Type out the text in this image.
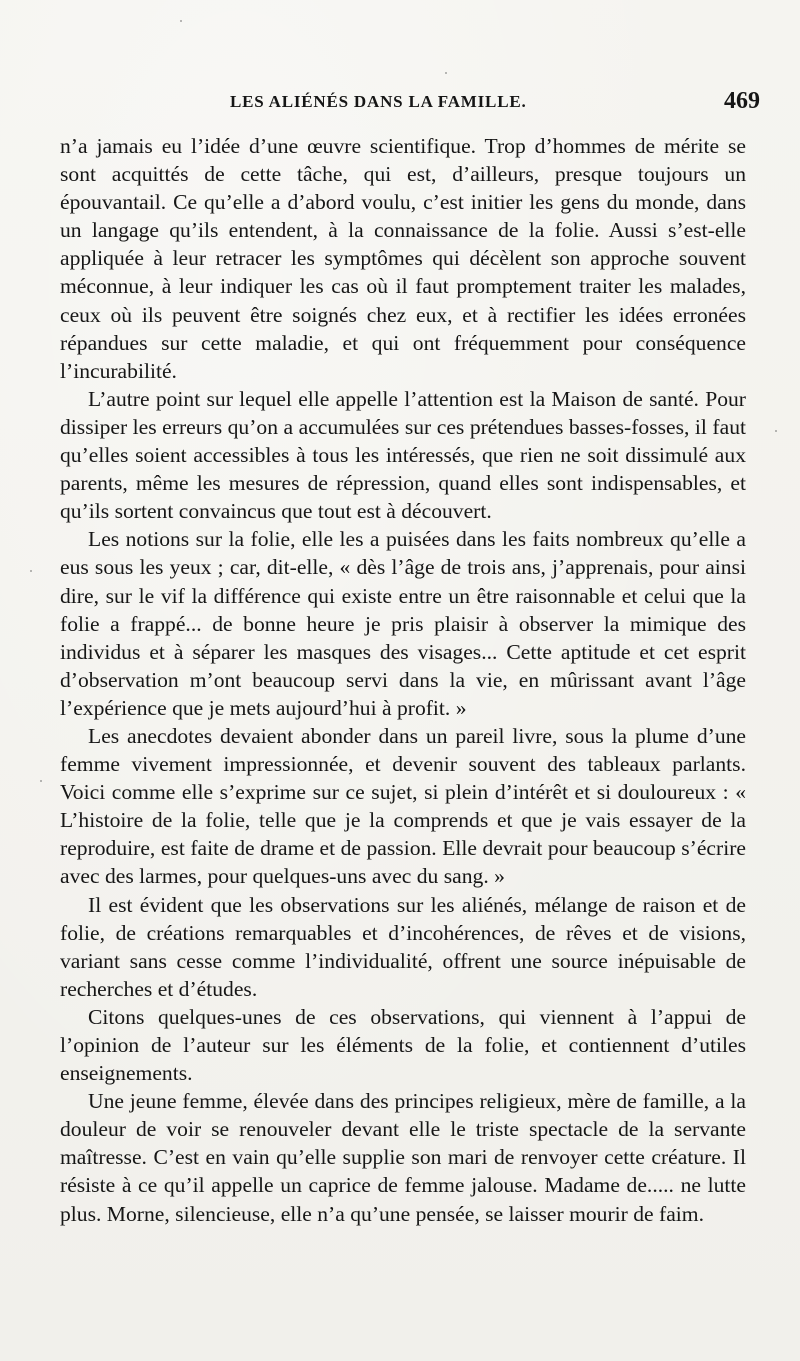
LES ALIÉNÉS DANS LA FAMILLE.	469

n’a jamais eu l’idée d’une œuvre scientifique. Trop d’hommes de mérite se sont acquittés de cette tâche, qui est, d’ailleurs, presque toujours un épouvantail. Ce qu’elle a d’abord voulu, c’est initier les gens du monde, dans un langage qu’ils entendent, à la connaissance de la folie. Aussi s’est-elle appliquée à leur retracer les symptômes qui décèlent son approche souvent méconnue, à leur indiquer les cas où il faut promptement traiter les malades, ceux où ils peuvent être soignés chez eux, et à rectifier les idées erronées répandues sur cette maladie, et qui ont fréquemment pour conséquence l’incurabilité.

L’autre point sur lequel elle appelle l’attention est la Maison de santé. Pour dissiper les erreurs qu’on a accumulées sur ces prétendues basses-fosses, il faut qu’elles soient accessibles à tous les intéressés, que rien ne soit dissimulé aux parents, même les mesures de répression, quand elles sont indispensables, et qu’ils sortent convaincus que tout est à découvert.

Les notions sur la folie, elle les a puisées dans les faits nombreux qu’elle a eus sous les yeux ; car, dit-elle, « dès l’âge de trois ans, j’apprenais, pour ainsi dire, sur le vif la différence qui existe entre un être raisonnable et celui que la folie a frappé... de bonne heure je pris plaisir à observer la mimique des individus et à séparer les masques des visages... Cette aptitude et cet esprit d’observation m’ont beaucoup servi dans la vie, en mûrissant avant l’âge l’expérience que je mets aujourd’hui à profit. »

Les anecdotes devaient abonder dans un pareil livre, sous la plume d’une femme vivement impressionnée, et devenir souvent des tableaux parlants. Voici comme elle s’exprime sur ce sujet, si plein d’intérêt et si douloureux : « L’histoire de la folie, telle que je la comprends et que je vais essayer de la reproduire, est faite de drame et de passion. Elle devrait pour beaucoup s’écrire avec des larmes, pour quelques-uns avec du sang. »

Il est évident que les observations sur les aliénés, mélange de raison et de folie, de créations remarquables et d’incohérences, de rêves et de visions, variant sans cesse comme l’individualité, offrent une source inépuisable de recherches et d’études.

Citons quelques-unes de ces observations, qui viennent à l’appui de l’opinion de l’auteur sur les éléments de la folie, et contiennent d’utiles enseignements.

Une jeune femme, élevée dans des principes religieux, mère de famille, a la douleur de voir se renouveler devant elle le triste spectacle de la servante maîtresse. C’est en vain qu’elle supplie son mari de renvoyer cette créature. Il résiste à ce qu’il appelle un caprice de femme jalouse. Madame de..... ne lutte plus. Morne, silencieuse, elle n’a qu’une pensée, se laisser mourir de faim.
